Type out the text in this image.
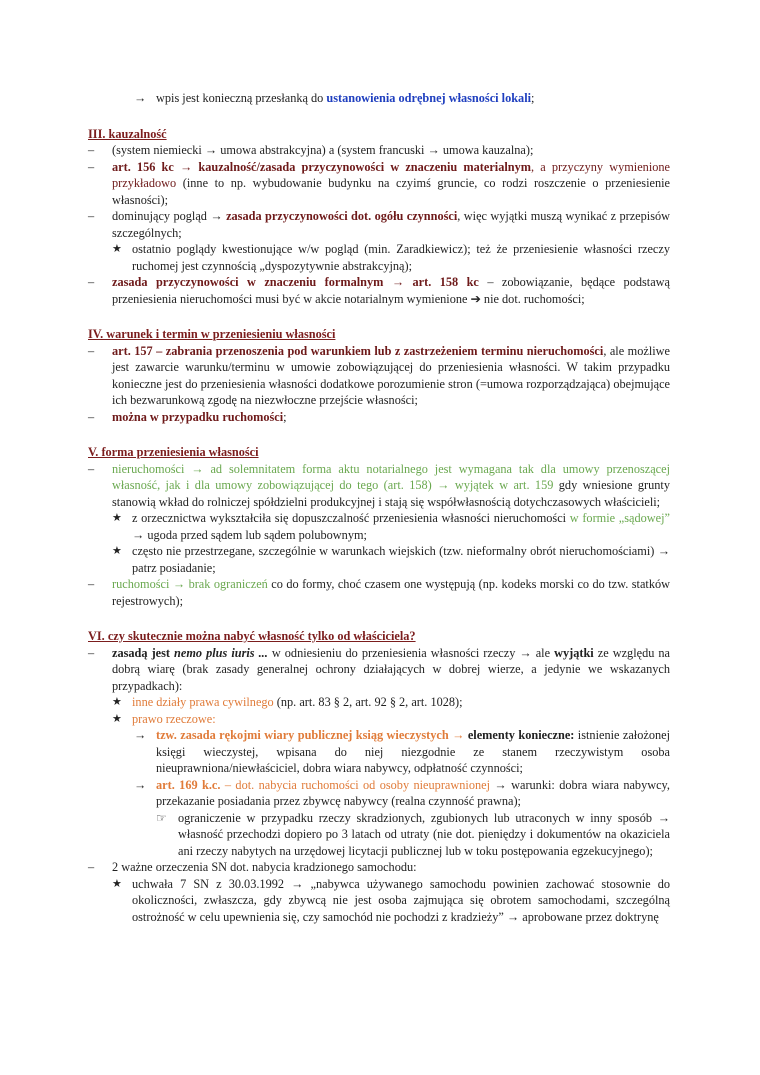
→ wpis jest konieczną przesłanką do ustanowienia odrębnej własności lokali;
III. kauzalność
–	(system niemiecki → umowa abstrakcyjna) a (system francuski → umowa kauzalna);
–	art. 156 kc → kauzalność/zasada przyczynowości w znaczeniu materialnym, a przyczyny wymienione przykładowo (inne to np. wybudowanie budynku na czyimś gruncie, co rodzi roszczenie o przeniesienie własności);
–	dominujący pogląd → zasada przyczynowości dot. ogółu czynności, więc wyjątki muszą wynikać z przepisów szczególnych;
★ ostatnio poglądy kwestionujące w/w pogląd (min. Zaradkiewicz); też że przeniesienie własności rzeczy ruchomej jest czynnością „dyspozytywnie abstrakcyjną);
–	zasada przyczynowości w znaczeniu formalnym → art. 158 kc – zobowiązanie, będące podstawą przeniesienia nieruchomości musi być w akcie notarialnym wymienione ➔ nie dot. ruchomości;
IV. warunek i termin w przeniesieniu własności
–	art. 157 – zabrania przenoszenia pod warunkiem lub z zastrzeżeniem terminu nieruchomości, ale możliwe jest zawarcie warunku/terminu w umowie zobowiązującej do przeniesienia własności. W takim przypadku konieczne jest do przeniesienia własności dodatkowe porozumienie stron (=umowa rozporządzająca) obejmujące ich bezwarunkową zgodę na niezwłoczne przejście własności;
–	można w przypadku ruchomości;
V. forma przeniesienia własności
–	nieruchomości → ad solemnitatem forma aktu notarialnego jest wymagana tak dla umowy przenoszącej własność, jak i dla umowy zobowiązującej do tego (art. 158) → wyjątek w art. 159 gdy wniesione grunty stanowią wkład do rolniczej spółdzielni produkcyjnej i stają się współwłasnością dotychczasowych właścicieli;
★ z orzecznictwa wykształciła się dopuszczalność przeniesienia własności nieruchomości w formie „sądowej” → ugoda przed sądem lub sądem polubownym;
★ często nie przestrzegane, szczególnie w warunkach wiejskich (tzw. nieformalny obrót nieruchomościami) → patrz posiadanie;
–	ruchomości → brak ograniczeń co do formy, choć czasem one występują (np. kodeks morski co do tzw. statków rejestrowych);
VI. czy skutecznie można nabyć własność tylko od właściciela?
–	zasadą jest nemo plus iuris ... w odniesieniu do przeniesienia własności rzeczy → ale wyjątki ze względu na dobrą wiarę (brak zasady generalnej ochrony działających w dobrej wierze, a jedynie we wskazanych przypadkach):
★ inne działy prawa cywilnego (np. art. 83 § 2, art. 92 § 2, art. 1028);
★ prawo rzeczowe:
→ tzw. zasada rękojmi wiary publicznej ksiąg wieczystych → elementy konieczne: istnienie założonej księgi wieczystej, wpisana do niej niezgodnie ze stanem rzeczywistym osoba nieuprawniona/niewłaściciel, dobra wiara nabywcy, odpłatność czynności;
→ art. 169 k.c. – dot. nabycia ruchomości od osoby nieuprawnionej → warunki: dobra wiara nabywcy, przekazanie posiadania przez zbywcę nabywcy (realna czynność prawna);
☞ ograniczenie w przypadku rzeczy skradzionych, zgubionych lub utraconych w inny sposób → własność przechodzi dopiero po 3 latach od utraty (nie dot. pieniędzy i dokumentów na okaziciela ani rzeczy nabytych na urzędowej licytacji publicznej lub w toku postępowania egzekucyjnego);
–	2 ważne orzeczenia SN dot. nabycia kradzionego samochodu:
★ uchwała 7 SN z 30.03.1992 → „nabywca używanego samochodu powinien zachować stosownie do okoliczności, zwłaszcza, gdy zbywcą nie jest osoba zajmująca się obrotem samochodami, szczególną ostrożność w celu upewnienia się, czy samochód nie pochodzi z kradzieży” → aprobowane przez doktrynę
